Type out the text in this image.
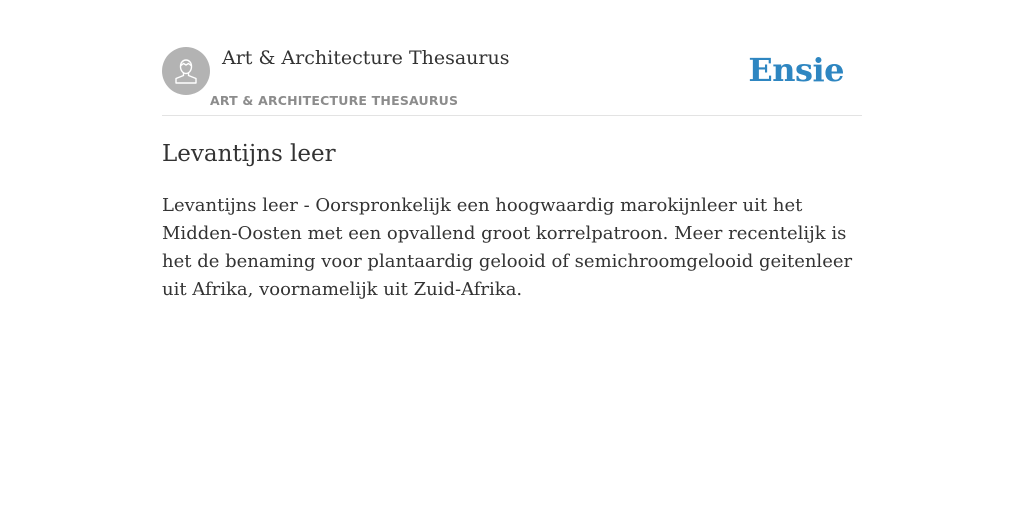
Art & Architecture Thesaurus
ART & ARCHITECTURE THESAURUS
Ensie
Levantijns leer

Levantijns leer - Oorspronkelijk een hoogwaardig marokijnleer uit het Midden-Oosten met een opvallend groot korrelpatroon. Meer recentelijk is het de benaming voor plantaardig gelooid of semichroomgelooid geitenleer uit Afrika, voornamelijk uit Zuid-Afrika.
